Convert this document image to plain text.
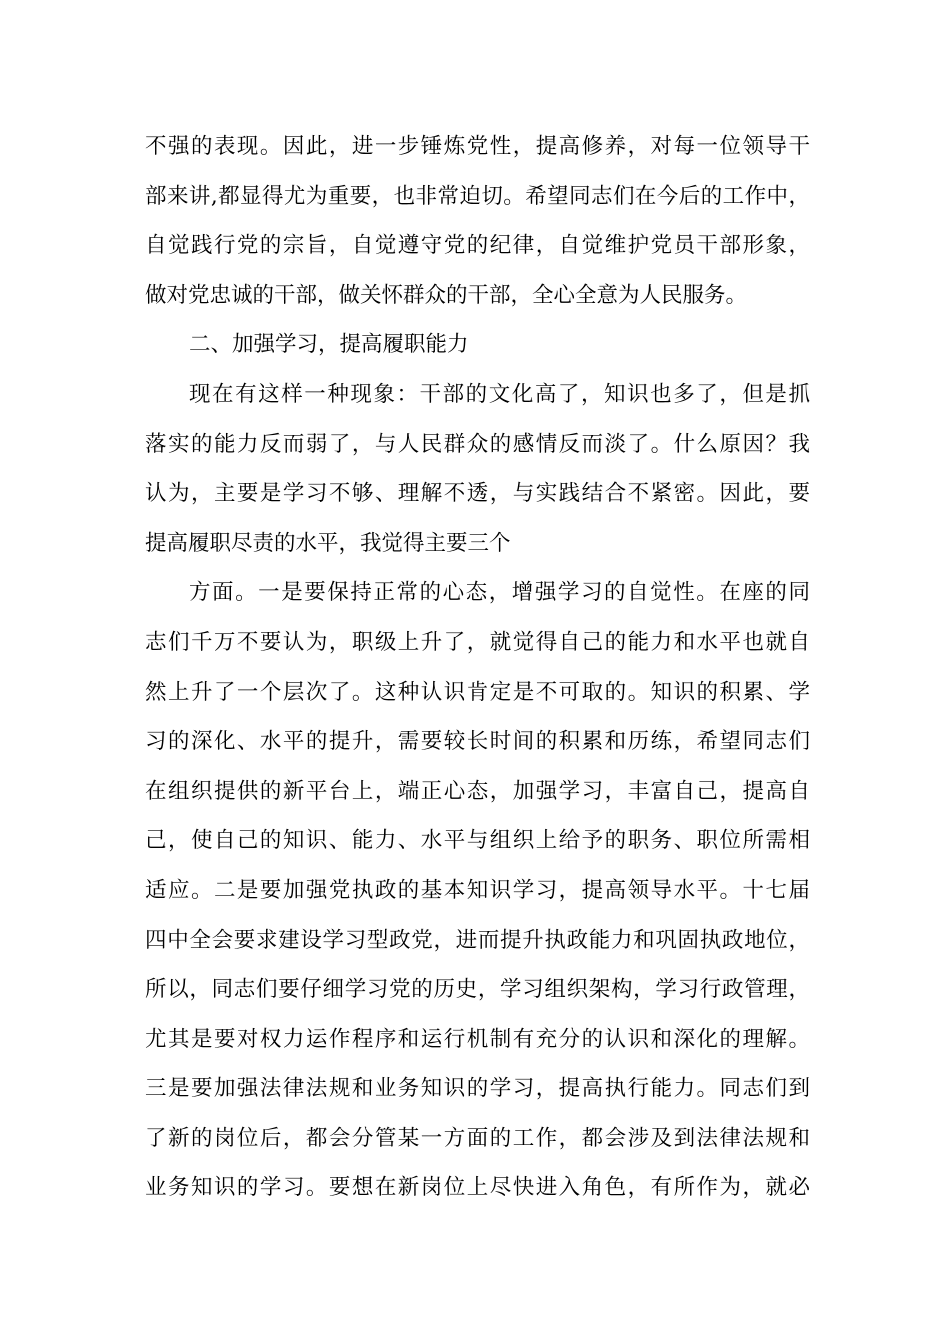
不强的表现。因此，进一步锤炼党性，提高修养，对每一位领导干
部来讲,都显得尤为重要，也非常迫切。希望同志们在今后的工作中，
自觉践行党的宗旨，自觉遵守党的纪律，自觉维护党员干部形象，
做对党忠诚的干部，做关怀群众的干部，全心全意为人民服务。
二、加强学习，提高履职能力
现在有这样一种现象：干部的文化高了，知识也多了，但是抓
落实的能力反而弱了，与人民群众的感情反而淡了。什么原因？我
认为，主要是学习不够、理解不透，与实践结合不紧密。因此，要
提高履职尽责的水平，我觉得主要三个
方面。一是要保持正常的心态，增强学习的自觉性。在座的同
志们千万不要认为，职级上升了，就觉得自己的能力和水平也就自
然上升了一个层次了。这种认识肯定是不可取的。知识的积累、学
习的深化、水平的提升，需要较长时间的积累和历练，希望同志们
在组织提供的新平台上，端正心态，加强学习，丰富自己，提高自
己，使自己的知识、能力、水平与组织上给予的职务、职位所需相
适应。二是要加强党执政的基本知识学习，提高领导水平。十七届
四中全会要求建设学习型政党，进而提升执政能力和巩固执政地位，
所以，同志们要仔细学习党的历史，学习组织架构，学习行政管理，
尤其是要对权力运作程序和运行机制有充分的认识和深化的理解。
三是要加强法律法规和业务知识的学习，提高执行能力。同志们到
了新的岗位后，都会分管某一方面的工作，都会涉及到法律法规和
业务知识的学习。要想在新岗位上尽快进入角色，有所作为，就必
